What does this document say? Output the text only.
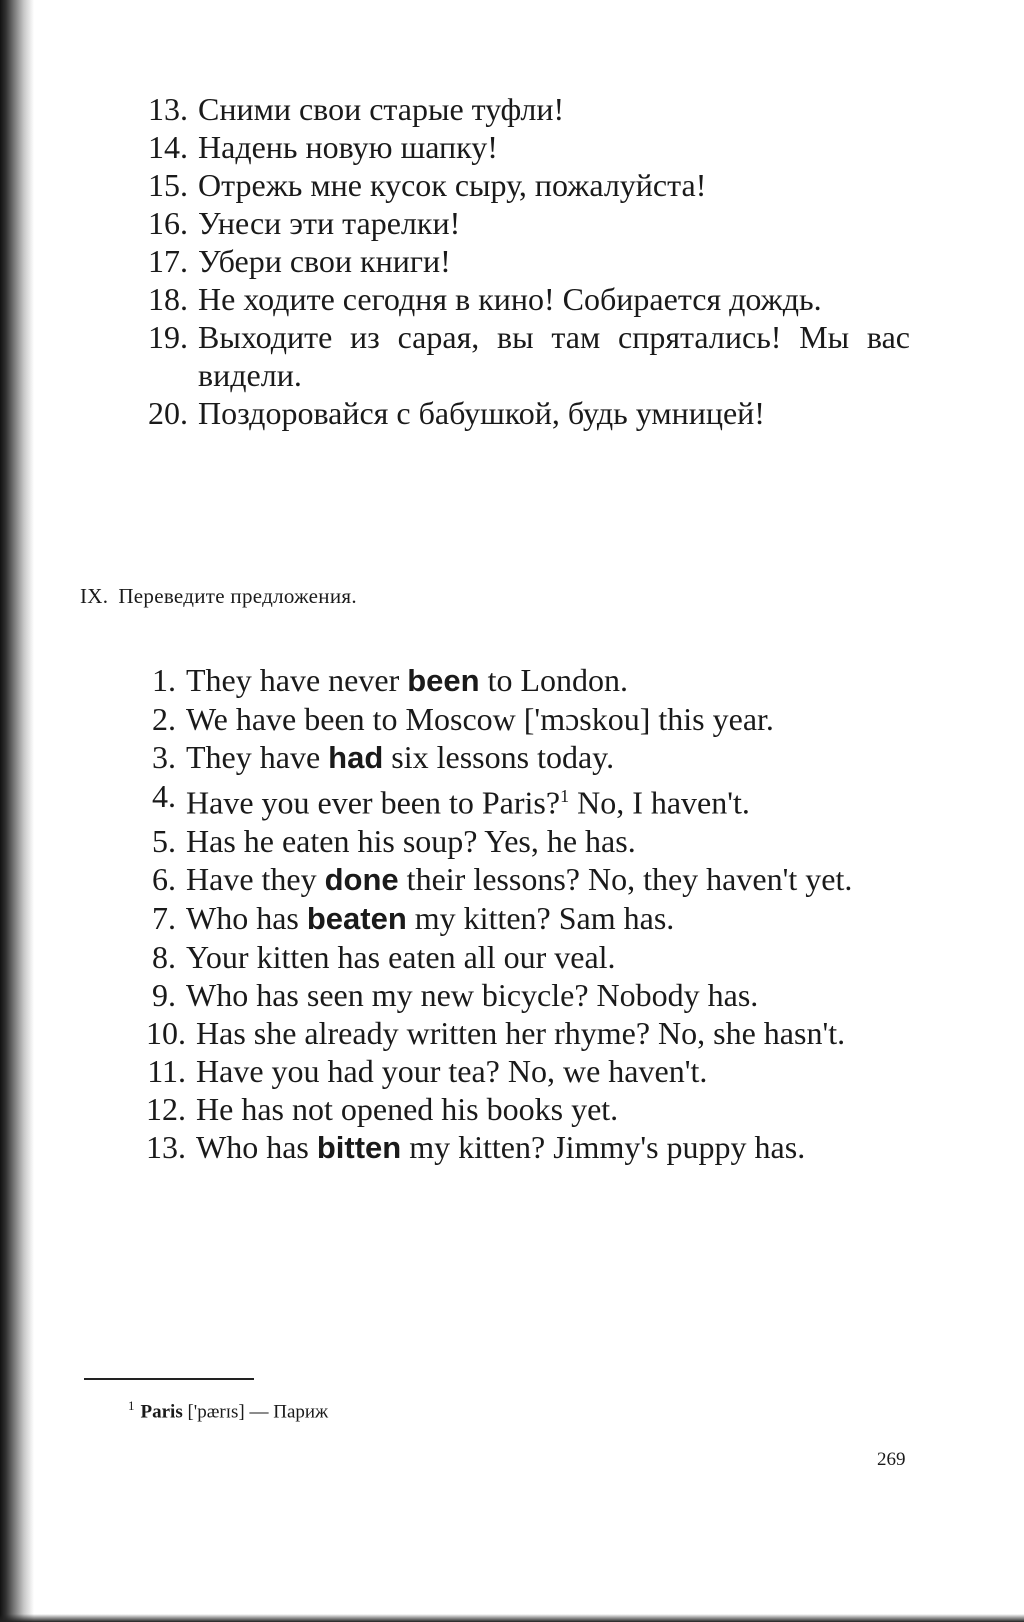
13. Сними свои старые туфли!
14. Надень новую шапку!
15. Отрежь мне кусок сыру, пожалуйста!
16. Унеси эти тарелки!
17. Убери свои книги!
18. Не ходите сегодня в кино! Собирается дождь.
19. Выходите из сарая, вы там спрятались! Мы вас видели.
20. Поздоровайся с бабушкой, будь умницей!
IX. Переведите предложения.
1. They have never been to London.
2. We have been to Moscow ['mɔskou] this year.
3. They have had six lessons today.
4. Have you ever been to Paris?$^1$ No, I haven't.
5. Has he eaten his soup? Yes, he has.
6. Have they done their lessons? No, they haven't yet.
7. Who has beaten my kitten? Sam has.
8. Your kitten has eaten all our veal.
9. Who has seen my new bicycle? Nobody has.
10. Has she already written her rhyme? No, she hasn't.
11. Have you had your tea? No, we haven't.
12. He has not opened his books yet.
13. Who has bitten my kitten? Jimmy's puppy has.
$^1$ Paris ['pærɪs] — Париж
269
